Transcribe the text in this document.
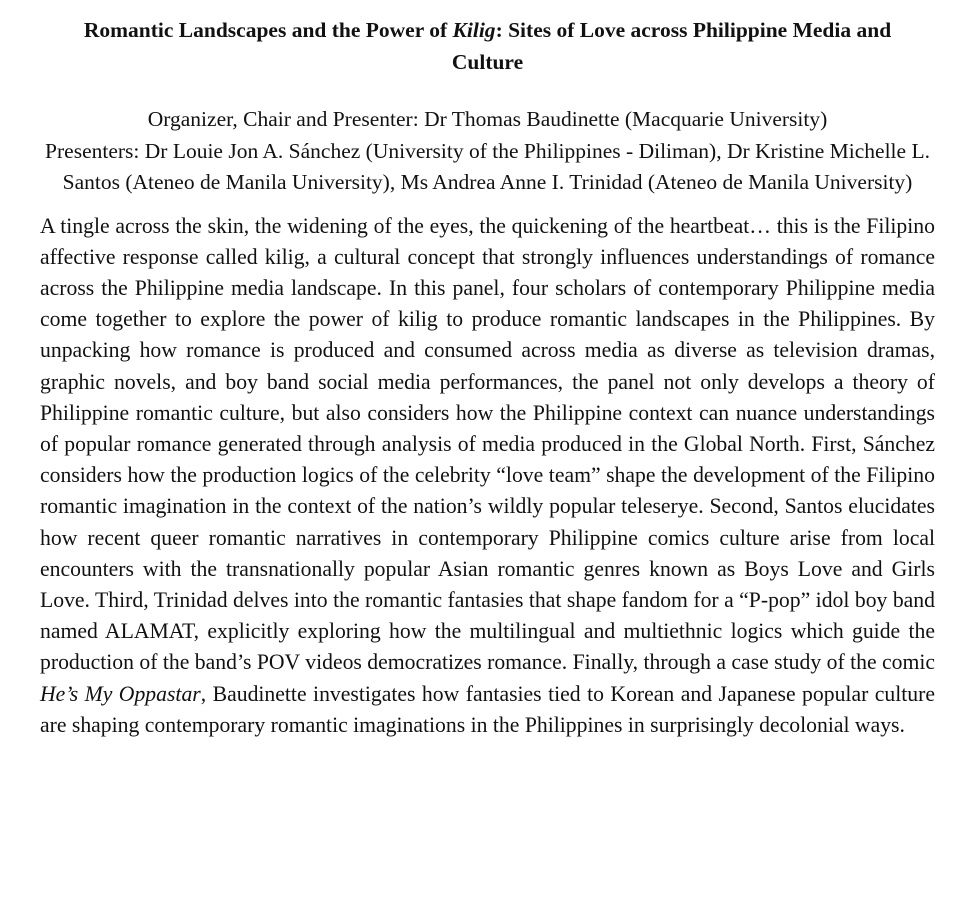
Romantic Landscapes and the Power of Kilig: Sites of Love across Philippine Media and Culture
Organizer, Chair and Presenter: Dr Thomas Baudinette (Macquarie University)
Presenters: Dr Louie Jon A. Sánchez (University of the Philippines - Diliman), Dr Kristine Michelle L. Santos (Ateneo de Manila University), Ms Andrea Anne I. Trinidad (Ateneo de Manila University)

A tingle across the skin, the widening of the eyes, the quickening of the heartbeat… this is the Filipino affective response called kilig, a cultural concept that strongly influences understandings of romance across the Philippine media landscape. In this panel, four scholars of contemporary Philippine media come together to explore the power of kilig to produce romantic landscapes in the Philippines. By unpacking how romance is produced and consumed across media as diverse as television dramas, graphic novels, and boy band social media performances, the panel not only develops a theory of Philippine romantic culture, but also considers how the Philippine context can nuance understandings of popular romance generated through analysis of media produced in the Global North. First, Sánchez considers how the production logics of the celebrity “love team” shape the development of the Filipino romantic imagination in the context of the nation’s wildly popular teleserye. Second, Santos elucidates how recent queer romantic narratives in contemporary Philippine comics culture arise from local encounters with the transnationally popular Asian romantic genres known as Boys Love and Girls Love. Third, Trinidad delves into the romantic fantasies that shape fandom for a “P-pop” idol boy band named ALAMAT, explicitly exploring how the multilingual and multiethnic logics which guide the production of the band’s POV videos democratizes romance. Finally, through a case study of the comic He’s My Oppastar, Baudinette investigates how fantasies tied to Korean and Japanese popular culture are shaping contemporary romantic imaginations in the Philippines in surprisingly decolonial ways.
